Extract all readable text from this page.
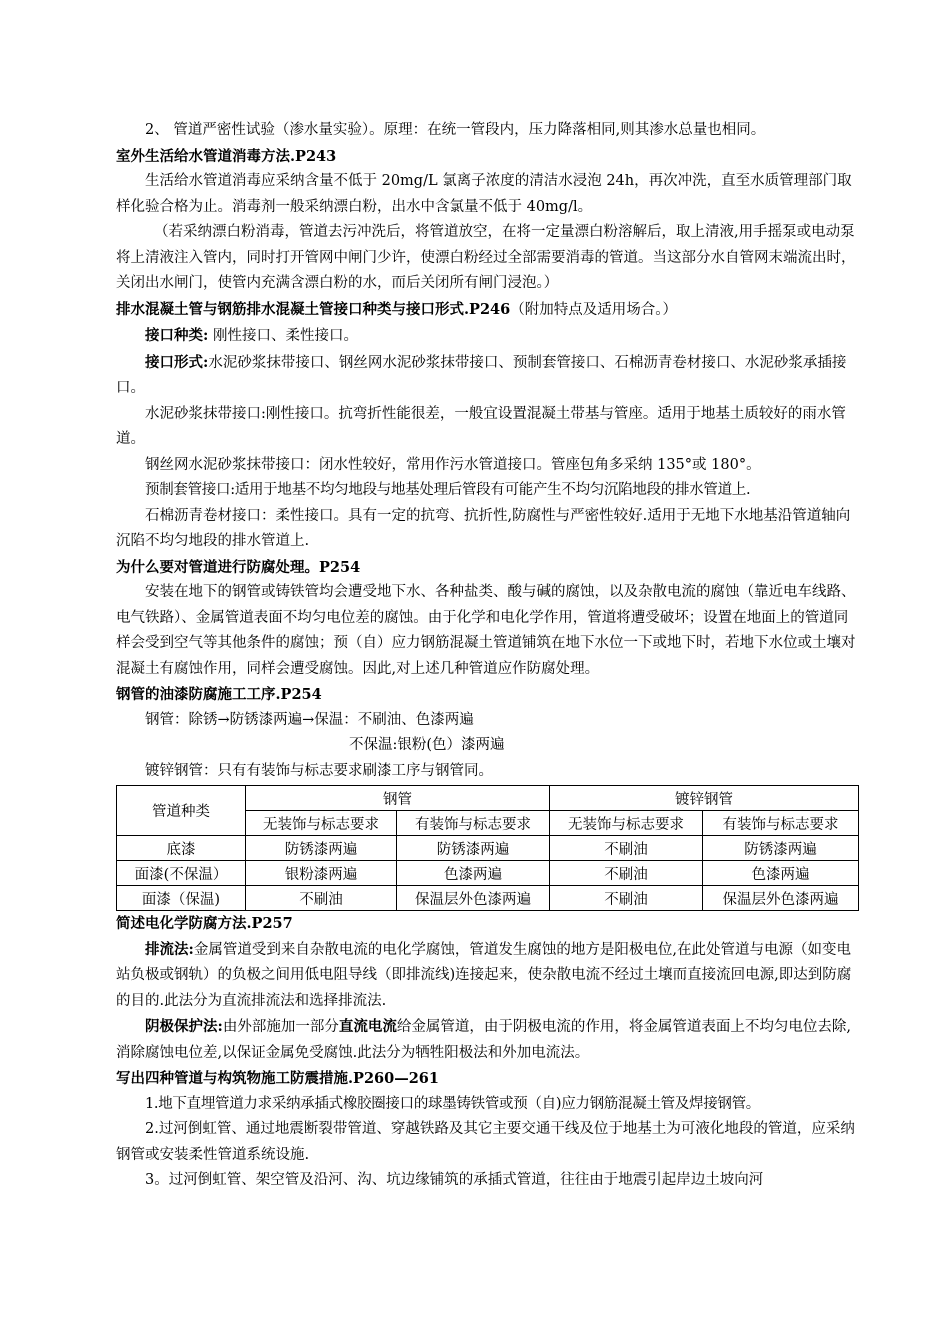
2、 管道严密性试验（渗水量实验）。原理：在统一管段内，压力降落相同,则其渗水总量也相同。

室外生活给水管道消毒方法.P243

生活给水管道消毒应采纳含量不低于 20mg/L 氯离子浓度的清洁水浸泡 24h，再次冲洗，直至水质管理部门取样化验合格为止。消毒剂一般采纳漂白粉，出水中含氯量不低于 40mg/l。

（若采纳漂白粉消毒，管道去污冲洗后，将管道放空，在将一定量漂白粉溶解后，取上清液,用手摇泵或电动泵将上清液注入管内，同时打开管网中闸门少许，使漂白粉经过全部需要消毒的管道。当这部分水自管网末端流出时，关闭出水闸门，使管内充满含漂白粉的水，而后关闭所有闸门浸泡。）

排水混凝土管与钢筋排水混凝土管接口种类与接口形式.P246（附加特点及适用场合。）

接口种类: 刚性接口、柔性接口。

接口形式:水泥砂浆抹带接口、钢丝网水泥砂浆抹带接口、预制套管接口、石棉沥青卷材接口、水泥砂浆承插接口。

水泥砂浆抹带接口:刚性接口。抗弯折性能很差，一般宜设置混凝土带基与管座。适用于地基土质较好的雨水管道。

钢丝网水泥砂浆抹带接口：闭水性较好，常用作污水管道接口。管座包角多采纳 135°或 180°。

预制套管接口:适用于地基不均匀地段与地基处理后管段有可能产生不均匀沉陷地段的排水管道上.

石棉沥青卷材接口：柔性接口。具有一定的抗弯、抗折性,防腐性与严密性较好.适用于无地下水地基沿管道轴向沉陷不均匀地段的排水管道上.

为什么要对管道进行防腐处理。P254

安装在地下的钢管或铸铁管均会遭受地下水、各种盐类、酸与碱的腐蚀，以及杂散电流的腐蚀（靠近电车线路、电气铁路）、金属管道表面不均匀电位差的腐蚀。由于化学和电化学作用，管道将遭受破坏；设置在地面上的管道同样会受到空气等其他条件的腐蚀；预（自）应力钢筋混凝土管道铺筑在地下水位一下或地下时，若地下水位或土壤对混凝土有腐蚀作用，同样会遭受腐蚀。因此,对上述几种管道应作防腐处理。

钢管的油漆防腐施工工序.P254

钢管：除锈→防锈漆两遍→保温：不刷油、色漆两遍

不保温:银粉(色）漆两遍

镀锌钢管：只有有装饰与标志要求刷漆工序与钢管同。

管道种类	钢管		镀锌钢管	
	无装饰与标志要求	有装饰与标志要求	无装饰与标志要求	有装饰与标志要求
底漆	防锈漆两遍	防锈漆两遍	不刷油	防锈漆两遍
面漆(不保温）	银粉漆两遍	色漆两遍	不刷油	色漆两遍
面漆（保温)	不刷油	保温层外色漆两遍	不刷油	保温层外色漆两遍
简述电化学防腐方法.P257

排流法:金属管道受到来自杂散电流的电化学腐蚀，管道发生腐蚀的地方是阳极电位,在此处管道与电源（如变电站负极或钢轨）的负极之间用低电阻导线（即排流线)连接起来，使杂散电流不经过土壤而直接流回电源,即达到防腐的目的.此法分为直流排流法和选择排流法.

阴极保护法:由外部施加一部分直流电流给金属管道，由于阴极电流的作用，将金属管道表面上不均匀电位去除,消除腐蚀电位差,以保证金属免受腐蚀.此法分为牺牲阳极法和外加电流法。

写出四种管道与构筑物施工防震措施.P260—261

1.地下直埋管道力求采纳承插式橡胶圈接口的球墨铸铁管或预（自)应力钢筋混凝土管及焊接钢管。

2.过河倒虹管、通过地震断裂带管道、穿越铁路及其它主要交通干线及位于地基土为可液化地段的管道，应采纳钢管或安装柔性管道系统设施.

3。过河倒虹管、架空管及沿河、沟、坑边缘铺筑的承插式管道，往往由于地震引起岸边土坡向河
